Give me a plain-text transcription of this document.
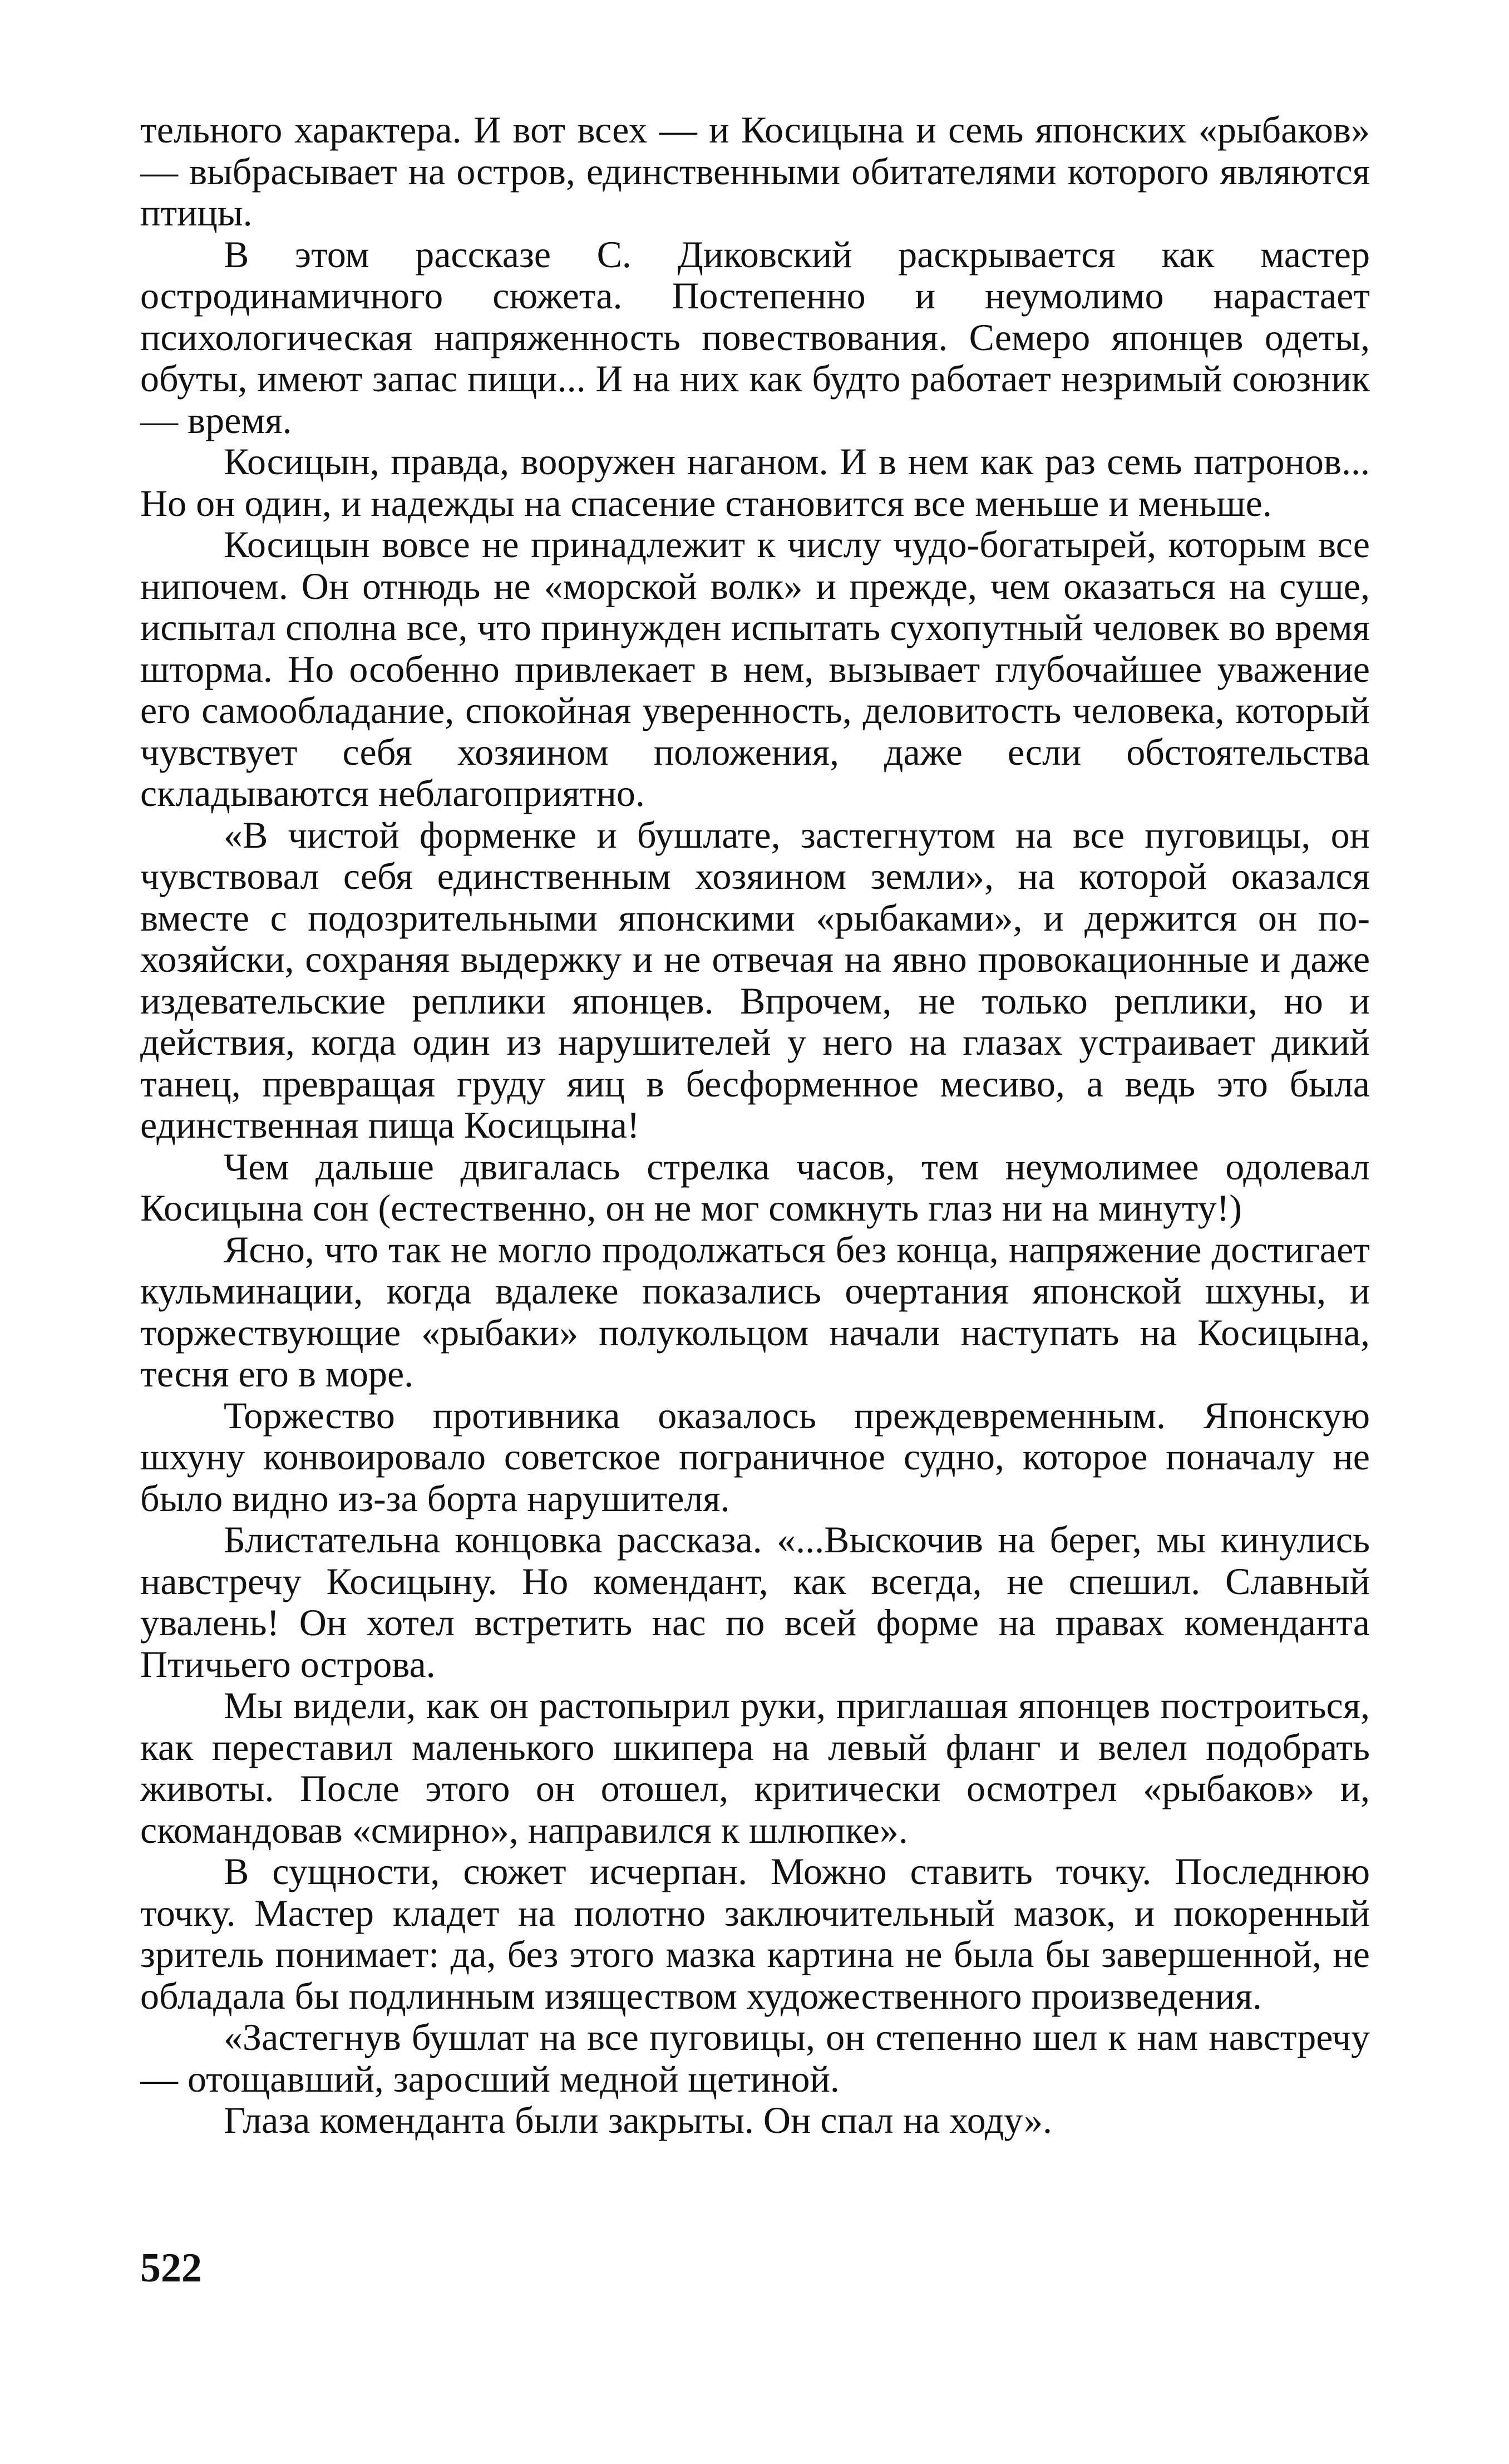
тельного характера. И вот всех — и Косицына и семь японских «рыбаков» — выбрасывает на остров, единственными обитателями которого являются птицы.

В этом рассказе С. Диковский раскрывается как мастер остродинамичного сюжета. Постепенно и неумолимо нарастает психологическая напряженность повествования. Семеро японцев одеты, обуты, имеют запас пищи... И на них как будто работает незримый союзник — время.

Косицын, правда, вооружен наганом. И в нем как раз семь патронов... Но он один, и надежды на спасение становится все меньше и меньше.

Косицын вовсе не принадлежит к числу чудо-богатырей, которым все нипочем. Он отнюдь не «морской волк» и прежде, чем оказаться на суше, испытал сполна все, что принужден испытать сухопутный человек во время шторма. Но особенно привлекает в нем, вызывает глубочайшее уважение его самообладание, спокойная уверенность, деловитость человека, который чувствует себя хозяином положения, даже если обстоятельства складываются неблагоприятно.

«В чистой форменке и бушлате, застегнутом на все пуговицы, он чувствовал себя единственным хозяином земли», на которой оказался вместе с подозрительными японскими «рыбаками», и держится он по-хозяйски, сохраняя выдержку и не отвечая на явно провокационные и даже издевательские реплики японцев. Впрочем, не только реплики, но и действия, когда один из нарушителей у него на глазах устраивает дикий танец, превращая груду яиц в бесформенное месиво, а ведь это была единственная пища Косицына!

Чем дальше двигалась стрелка часов, тем неумолимее одолевал Косицына сон (естественно, он не мог сомкнуть глаз ни на минуту!)

Ясно, что так не могло продолжаться без конца, напряжение достигает кульминации, когда вдалеке показались очертания японской шхуны, и торжествующие «рыбаки» полукольцом начали наступать на Косицына, тесня его в море.

Торжество противника оказалось преждевременным. Японскую шхуну конвоировало советское пограничное судно, которое поначалу не было видно из-за борта нарушителя.

Блистательна концовка рассказа. «...Выскочив на берег, мы кинулись навстречу Косицыну. Но комендант, как всегда, не спешил. Славный увалень! Он хотел встретить нас по всей форме на правах коменданта Птичьего острова.

Мы видели, как он растопырил руки, приглашая японцев построиться, как переставил маленького шкипера на левый фланг и велел подобрать животы. После этого он отошел, критически осмотрел «рыбаков» и, скомандовав «смирно», направился к шлюпке».

В сущности, сюжет исчерпан. Можно ставить точку. Последнюю точку. Мастер кладет на полотно заключительный мазок, и покоренный зритель понимает: да, без этого мазка картина не была бы завершенной, не обладала бы подлинным изяществом художественного произведения.

«Застегнув бушлат на все пуговицы, он степенно шел к нам навстречу — отощавший, заросший медной щетиной.

Глаза коменданта были закрыты. Он спал на ходу».

522
